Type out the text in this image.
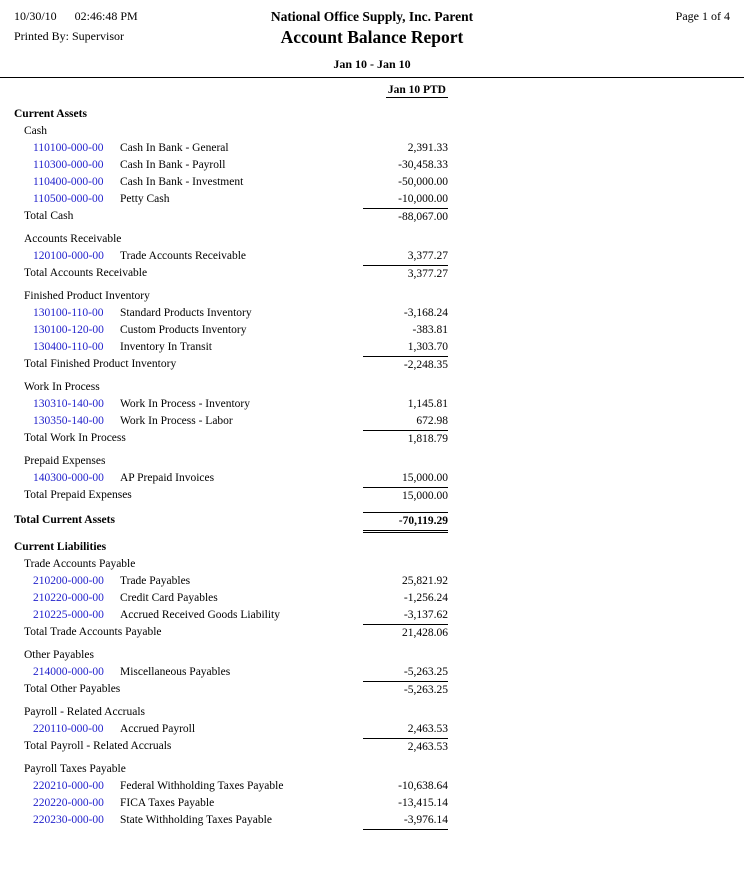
10/30/10 02:46:48 PM
Printed By: Supervisor
National Office Supply, Inc. Parent
Account Balance Report
Jan 10 - Jan 10
Page 1 of 4
Jan 10 PTD
Current Assets
Cash
110100-000-00 Cash In Bank - General	2,391.33
110300-000-00 Cash In Bank - Payroll	-30,458.33
110400-000-00 Cash In Bank - Investment	-50,000.00
110500-000-00 Petty Cash	-10,000.00
Total Cash	-88,067.00
Accounts Receivable
120100-000-00 Trade Accounts Receivable	3,377.27
Total Accounts Receivable	3,377.27
Finished Product Inventory
130100-110-00 Standard Products Inventory	-3,168.24
130100-120-00 Custom Products Inventory	-383.81
130400-110-00 Inventory In Transit	1,303.70
Total Finished Product Inventory	-2,248.35
Work In Process
130310-140-00 Work In Process - Inventory	1,145.81
130350-140-00 Work In Process - Labor	672.98
Total Work In Process	1,818.79
Prepaid Expenses
140300-000-00 AP Prepaid Invoices	15,000.00
Total Prepaid Expenses	15,000.00
Total Current Assets	-70,119.29
Current Liabilities
Trade Accounts Payable
210200-000-00 Trade Payables	25,821.92
210220-000-00 Credit Card Payables	-1,256.24
210225-000-00 Accrued Received Goods Liability	-3,137.62
Total Trade Accounts Payable	21,428.06
Other Payables
214000-000-00 Miscellaneous Payables	-5,263.25
Total Other Payables	-5,263.25
Payroll - Related Accruals
220110-000-00 Accrued Payroll	2,463.53
Total Payroll - Related Accruals	2,463.53
Payroll Taxes Payable
220210-000-00 Federal Withholding Taxes Payable	-10,638.64
220220-000-00 FICA Taxes Payable	-13,415.14
220230-000-00 State Withholding Taxes Payable	-3,976.14
